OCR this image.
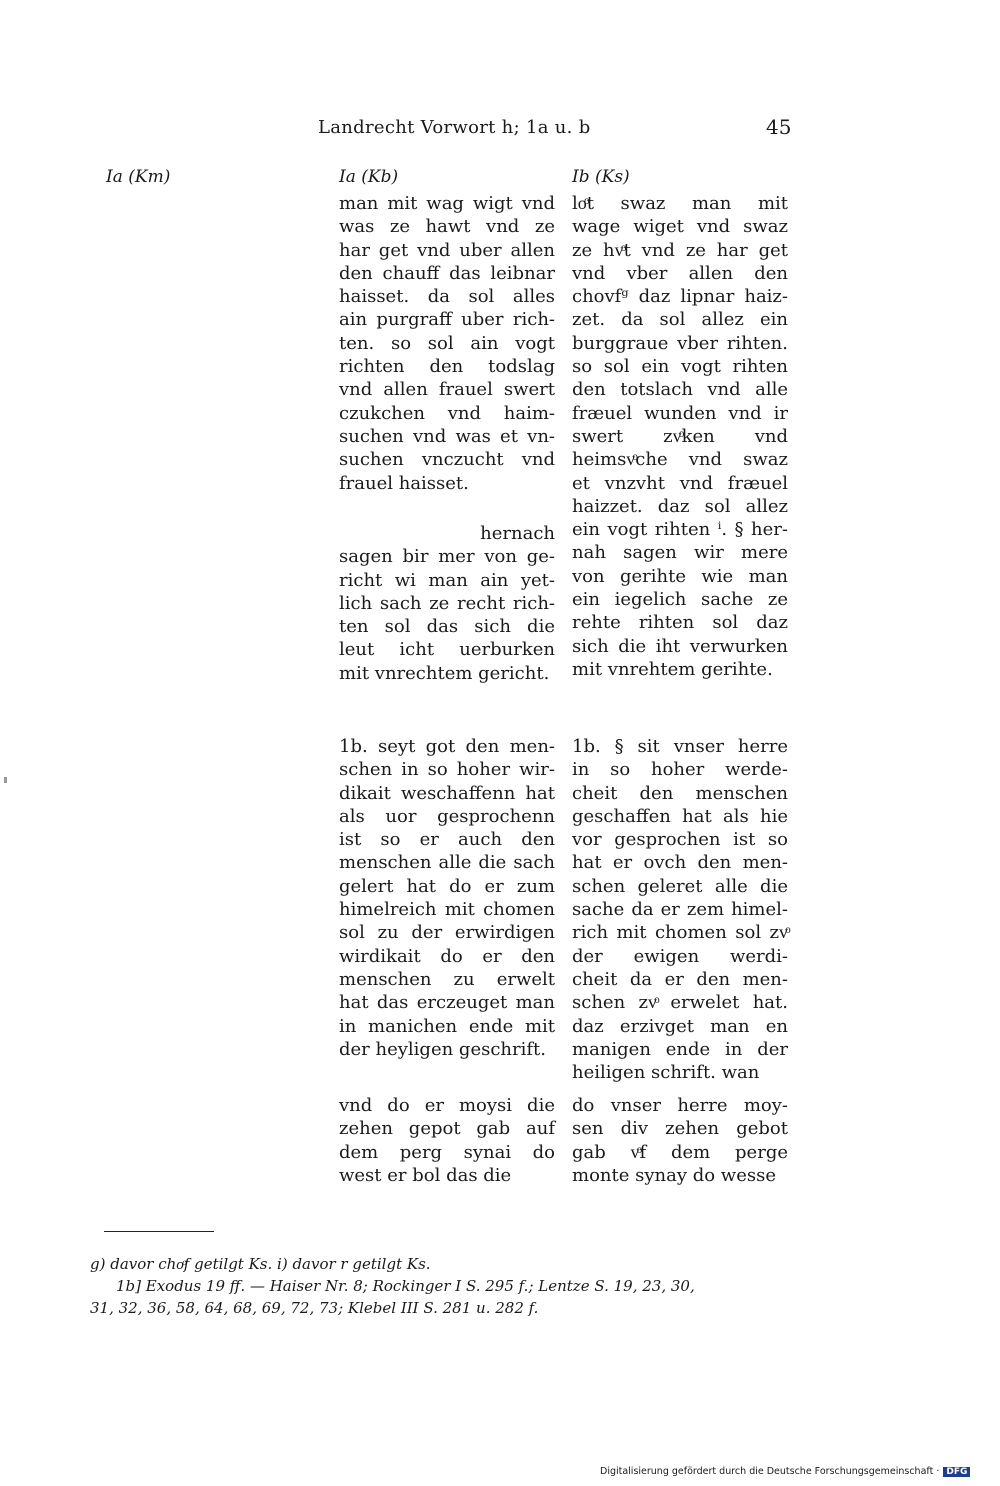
Landrecht Vorwort h; 1a u. b	45
Ia (Km)	Ia (Kb)	Ib (Ks)
man mit wag wigt vnd
was ze hawt vnd ze
har get vnd uber allen
den chauff das leibnar
haisset. da sol alles
ain purgraff uber rich-
ten. so sol ain vogt
richten den todslag
vnd allen frauel swert
czukchen vnd haim-
suchen vnd was et vn-
suchen vnczucht vnd
frauel haisset.
hernach
sagen bir mer von ge-
richt wi man ain yet-
lich sach ze recht rich-
ten sol das sich die
leut icht uerburken
mit vnrechtem gericht.
1b. seyt got den men-
schen in so hoher wir-
dikait weschaffenn hat
als uor gesprochenn
ist so er auch den
menschen alle die sach
gelert hat do er zum
himelreich mit chomen
sol zu der erwirdigen
wirdikait do er den
menschen zu erwelt
hat das erczeuget man
in manichen ende mit
der heyligen geschrift.
vnd do er moysi die
zehen gepot gab auf
dem perg synai do
west er bol das die
loͦt swaz man mit
wage wiget vnd swaz
ze hvͦt vnd ze har get
vnd vber allen den
chovfᵍ daz lipnar haiz-
zet. da sol allez ein
burggraue vber rihten.
so sol ein vogt rihten
den totslach vnd alle
fræuel wunden vnd ir
swert zvͦken vnd
heimsvͦche vnd swaz
et vnzvht vnd fræuel
haizzet. daz sol allez
ein vogt rihten ⁱ. § her-
nah sagen wir mere
von gerihte wie man
ein iegelich sache ze
rehte rihten sol daz
sich die iht verwurken
mit vnrehtem gerihte.
1b. § sit vnser herre
in so hoher werde-
cheit den menschen
geschaffen hat als hie
vor gesprochen ist so
hat er ovch den men-
schen geleret alle die
sache da er zem himel-
rich mit chomen sol zvͦ
der ewigen werdi-
cheit da er den men-
schen zvͦ erwelet hat.
daz erzivget man en
manigen ende in der
heiligen schrift. wan
do vnser herre moy-
sen div zehen gebot
gab vͦf dem perge
monte synay do wesse
g) davor choͦf getilgt Ks. i) davor r getilgt Ks.
1b] Exodus 19 ff. — Haiser Nr. 8; Rockinger I S. 295 f.; Lentze S. 19, 23, 30,
31, 32, 36, 58, 64, 68, 69, 72, 73; Klebel III S. 281 u. 282 f.
Digitalisierung gefördert durch die Deutsche Forschungsgemeinschaft · DFG
